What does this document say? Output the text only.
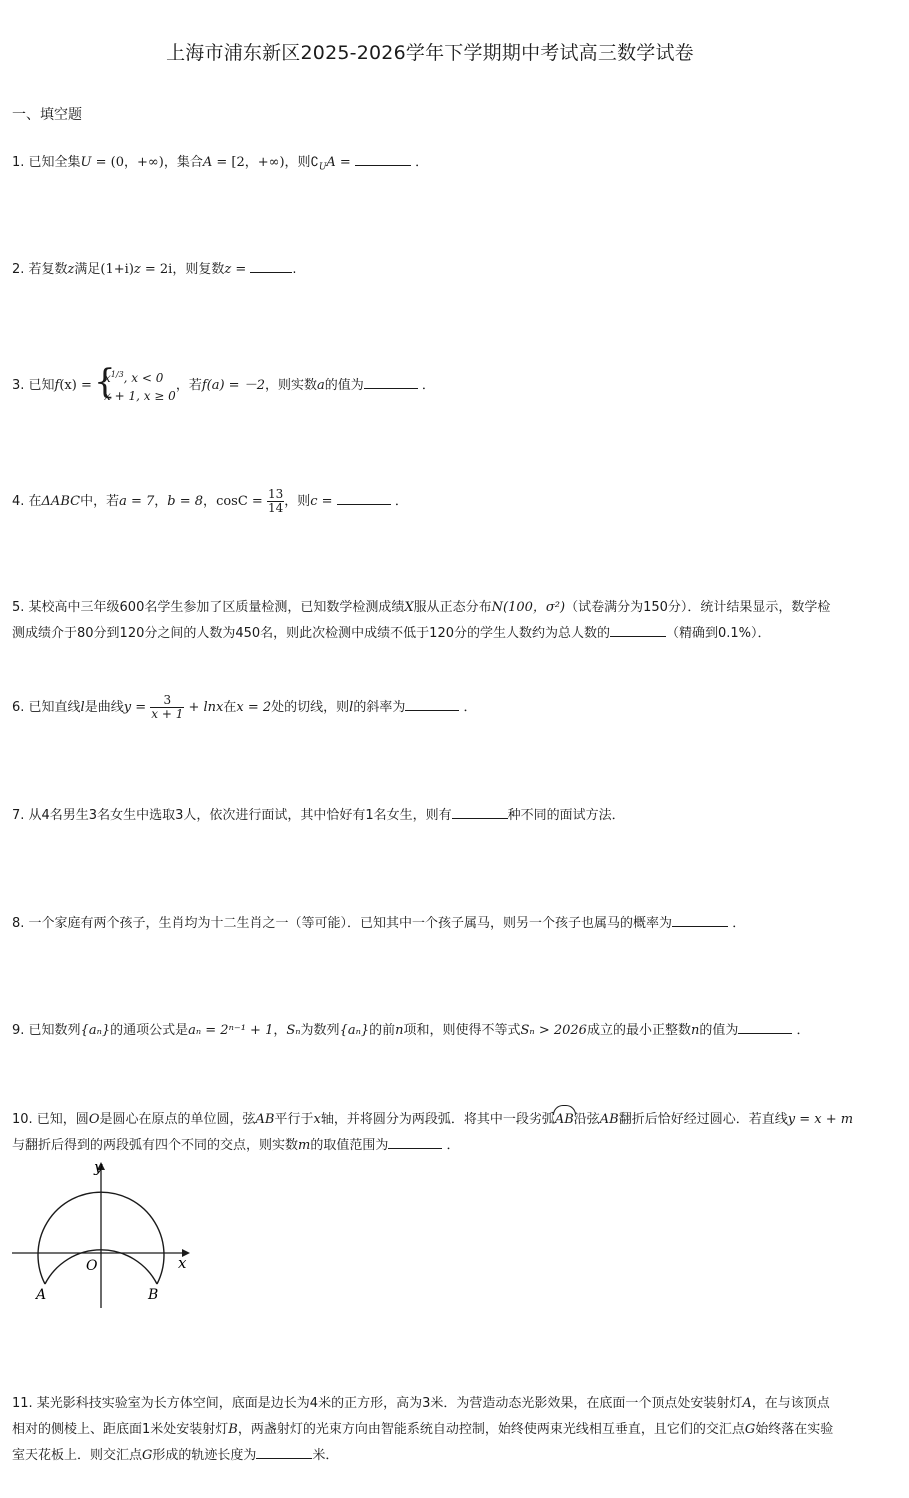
上海市浦东新区2025-2026学年下学期期中考试高三数学试卷
一、填空题
1. 已知全集U = (0，+∞)，集合A = [2，+∞)，则$∁_UA$ =	．
2. 若复数z满足(1+i)z = 2i，则复数z =	.
3. 已知f(x) =
{ $x^{1/3}$, x < 0
x + 1, x ≥ 0
，若f(a) = －2，则实数a的值为	．
4. 在ΔABC中，若a = 7，b = 8，$\cos C = \frac{13}{14}$ ，则c =	．
5. 某校高中三年级600名学生参加了区质量检测，已知数学检测成绩X服从正态分布N(100，σ²)（试卷满分为150分）．统计结果显示，数学检
测成绩介于80分到120分之间的人数为450名，则此次检测中成绩不低于120分的学生人数约为总人数的	（精确到0.1%）．
6. 已知直线l是曲线$y = \frac{3}{x + 1} + \ln x$在x = 2处的切线，则l的斜率为	．
7. 从4名男生3名女生中选取3人，依次进行面试，其中恰好有1名女生，则有	种不同的面试方法．
8. 一个家庭有两个孩子，生肖均为十二生肖之一（等可能）．已知其中一个孩子属马，则另一个孩子也属马的概率为	．
9. 已知数列{aₙ}的通项公式是aₙ = 2ⁿ⁻¹ + 1，Sₙ为数列{aₙ}的前n项和，则使得不等式Sₙ > 2026成立的最小正整数n的值为	．
10. 已知，圆O是圆心在原点的单位圆，弦AB平行于x轴，并将圆分为两段弧．将其中一段劣弧AB沿弦AB翻折后恰好经过圆心．若直线y = x + m
与翻折后得到的两段弧有四个不同的交点，则实数m的取值范围为	．
y
x
O
A	B
11. 某光影科技实验室为长方体空间，底面是边长为4米的正方形，高为3米．为营造动态光影效果，在底面一个顶点处安装射灯A，在与该顶点
相对的侧棱上、距底面1米处安装射灯B，两盏射灯的光束方向由智能系统自动控制，始终使两束光线相互垂直，且它们的交汇点G始终落在实验
室天花板上．则交汇点G形成的轨迹长度为	米．
